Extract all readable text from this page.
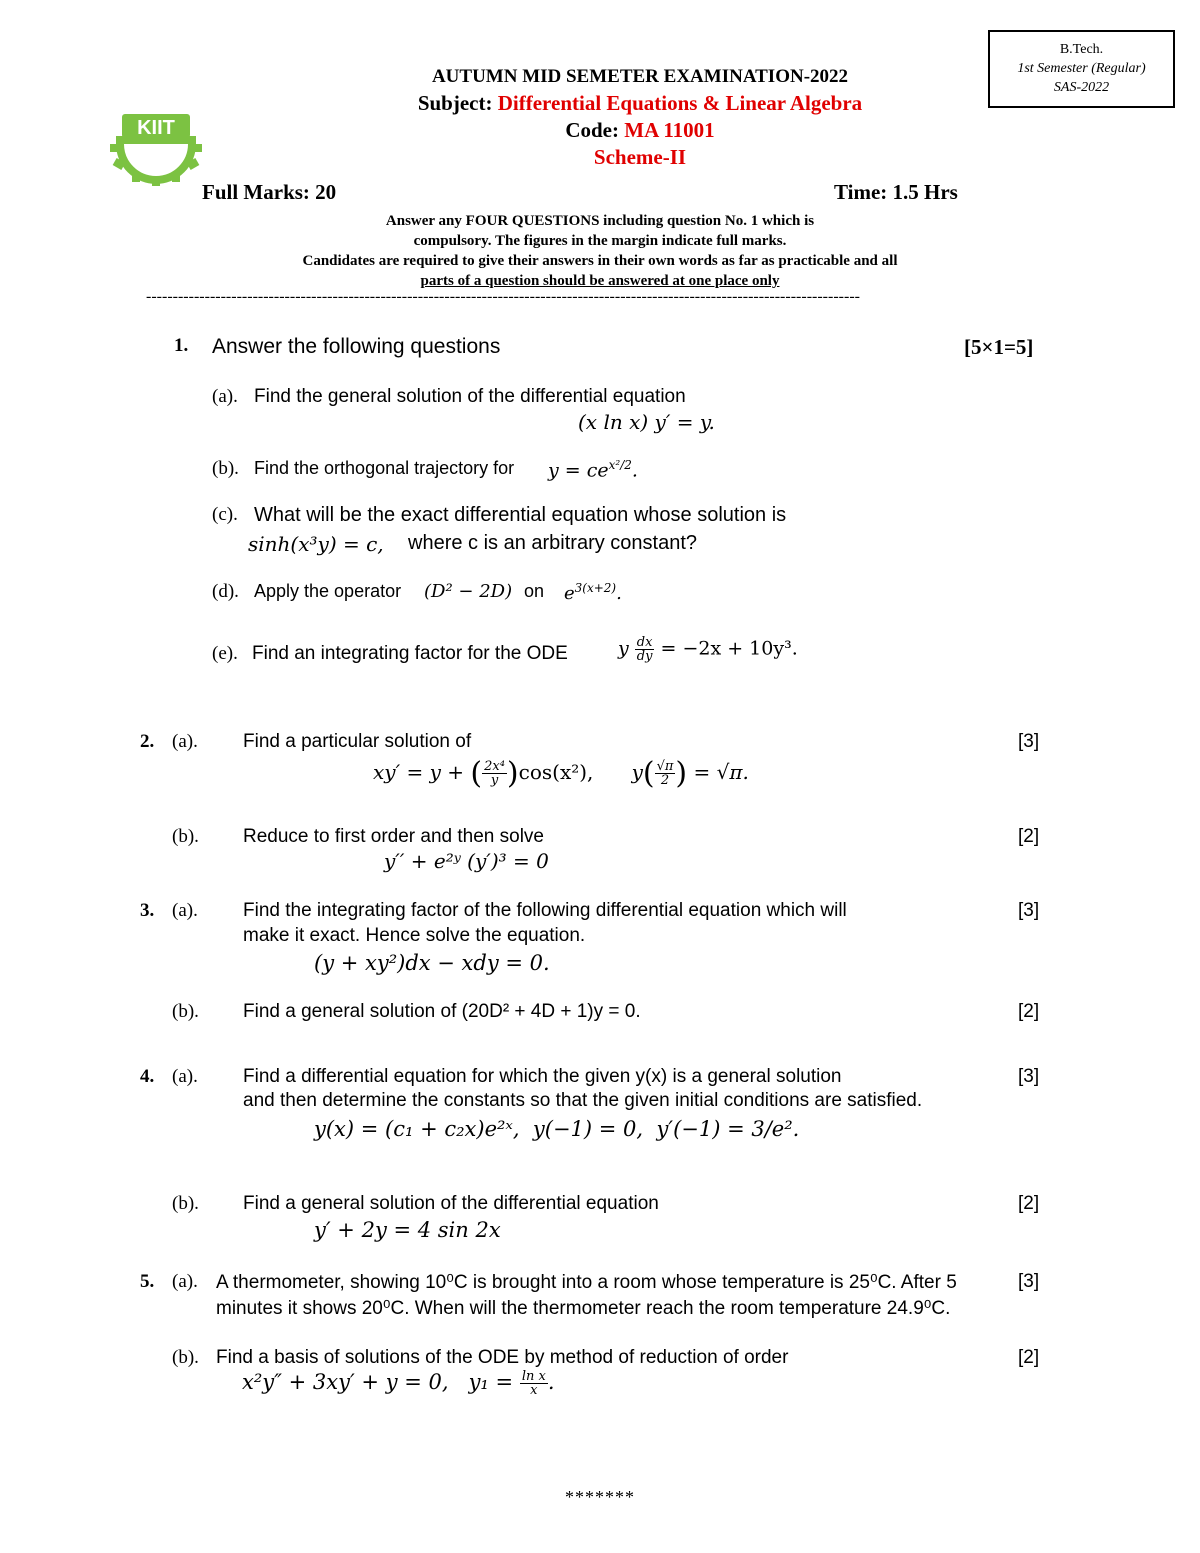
B.Tech.
1st Semester (Regular)
SAS-2022
KIIT
AUTUMN MID SEMETER EXAMINATION-2022
Subject: Differential Equations & Linear Algebra
Code: MA 11001
Scheme-II
Full Marks: 20	Time: 1.5 Hrs
Answer any FOUR QUESTIONS including question No. 1 which is
compulsory. The figures in the margin indicate full marks.
Candidates are required to give their answers in their own words as far as practicable and all
parts of a question should be answered at one place only
--------------------------------------------------------------------------------------------------------------------------------------
1. Answer the following questions	[5×1=5]
(a). Find the general solution of the differential equation
(x ln x) y′ = y.
(b). Find the orthogonal trajectory for $y = ce^{x^2/2}$.
(c). What will be the exact differential equation whose solution is
sinh(x³y) = c, where c is an arbitrary constant?
(d). Apply the operator (D² − 2D) on $e^{3(x+2)}$.
(e). Find an integrating factor for the ODE	y $\frac{dx}{dy} = -2x + 10y^3$.
2. (a). Find a particular solution of	[3]
xy′ = y + ( $\frac{\text{2x⁴}}{y} )\cos(x^2)$, $y( \frac{√\pi}{2}$ ) = √π.
(b). Reduce to first order and then solve	[2]
y′′ + e²ʸ (y′)³ = 0
3. (a). Find the integrating factor of the following differential equation which will
make it exact. Hence solve the equation.
[3]
(y + xy²)dx − xdy = 0.
(b). Find a general solution of (20D² + 4D + 1)y = 0.	[2]
4. (a). Find a differential equation for which the given y(x) is a general solution
and then determine the constants so that the given initial conditions are satisfied.
[3]
y(x) = (c₁ + c₂x)e²ˣ,  y(−1) = 0,  y′(−1) = 3/e².
(b). Find a general solution of the differential equation	[2]
y′ + 2y = 4 sin 2x
5. (a). A thermometer, showing 10⁰C is brought into a room whose temperature is 25⁰C. After 5
minutes it shows 20⁰C. When will the thermometer reach the room temperature 24.9⁰C.
[3]
(b). Find a basis of solutions of the ODE by method of reduction of order	[2]
x²y″ + 3xy′ + y = 0,   $y_1 = \frac{\text{ln x}}{x}$ .
*******
